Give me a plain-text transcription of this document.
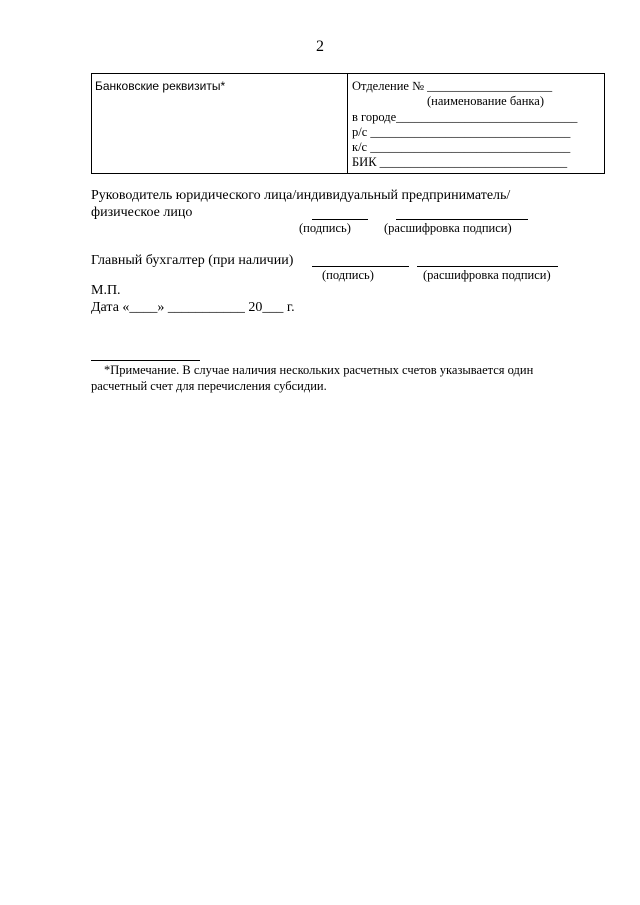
2
Банковские реквизиты*	Отделение № ____________________
(наименование банка)
в городе_____________________________
р/с ________________________________
к/с ________________________________
БИК ______________________________
Руководитель юридического лица/индивидуальный предприниматель/
физическое лицо
(подпись)	(расшифровка подписи)
Главный бухгалтер (при наличии)
(подпись)	(расшифровка подписи)
М.П.
Дата «____» ___________ 20___ г.
*Примечание. В случае наличия нескольких расчетных счетов указывается один
расчетный счет для перечисления субсидии.
